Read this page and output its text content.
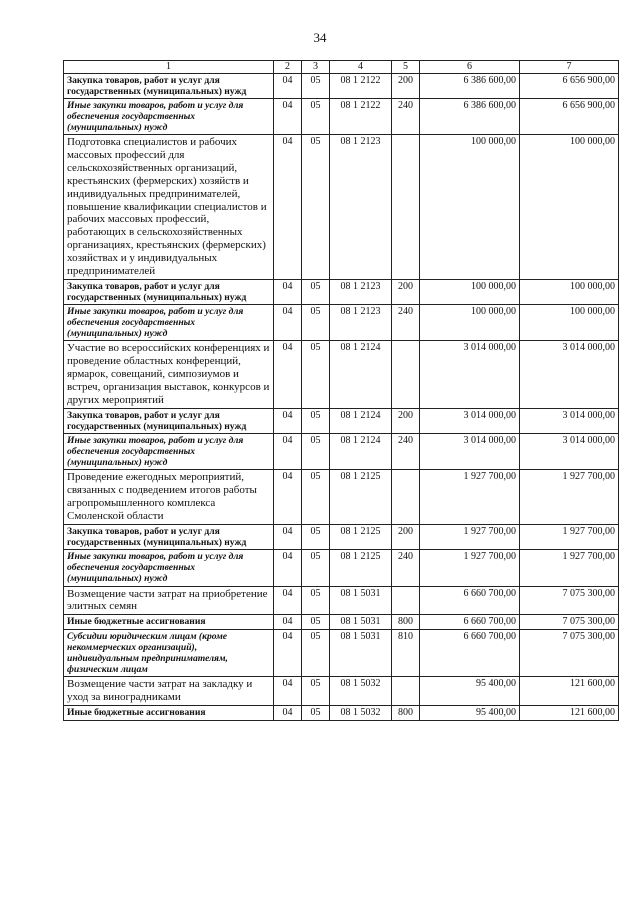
34
1	2	3	4	5	6	7
Закупка товаров, работ и услуг для государственных (муниципальных) нужд	04	05	08 1 2122	200	6 386 600,00	6 656 900,00
Иные закупки товаров, работ и услуг для обеспечения государственных (муниципальных) нужд	04	05	08 1 2122	240	6 386 600,00	6 656 900,00
Подготовка специалистов и рабочих массовых профессий для сельскохозяйственных организаций, крестьянских (фермерских) хозяйств и индивидуальных предпринимателей, повышение квалификации специалистов и рабочих массовых профессий, работающих в сельскохозяйственных организациях, крестьянских (фермерских) хозяйствах и у индивидуальных предпринимателей	04	05	08 1 2123		100 000,00	100 000,00
Закупка товаров, работ и услуг для государственных (муниципальных) нужд	04	05	08 1 2123	200	100 000,00	100 000,00
Иные закупки товаров, работ и услуг для обеспечения государственных (муниципальных) нужд	04	05	08 1 2123	240	100 000,00	100 000,00
Участие во всероссийских конференциях и проведение областных конференций, ярмарок, совещаний, симпозиумов и встреч, организация выставок, конкурсов и других мероприятий	04	05	08 1 2124		3 014 000,00	3 014 000,00
Закупка товаров, работ и услуг для государственных (муниципальных) нужд	04	05	08 1 2124	200	3 014 000,00	3 014 000,00
Иные закупки товаров, работ и услуг для обеспечения государственных (муниципальных) нужд	04	05	08 1 2124	240	3 014 000,00	3 014 000,00
Проведение ежегодных мероприятий, связанных с подведением итогов работы агропромышленного комплекса Смоленской области	04	05	08 1 2125		1 927 700,00	1 927 700,00
Закупка товаров, работ и услуг для государственных (муниципальных) нужд	04	05	08 1 2125	200	1 927 700,00	1 927 700,00
Иные закупки товаров, работ и услуг для обеспечения государственных (муниципальных) нужд	04	05	08 1 2125	240	1 927 700,00	1 927 700,00
Возмещение части затрат на приобретение элитных семян	04	05	08 1 5031		6 660 700,00	7 075 300,00
Иные бюджетные ассигнования	04	05	08 1 5031	800	6 660 700,00	7 075 300,00
Субсидии юридическим лицам (кроме некоммерческих организаций), индивидуальным предпринимателям, физическим лицам	04	05	08 1 5031	810	6 660 700,00	7 075 300,00
Возмещение части затрат на закладку и уход за виноградниками	04	05	08 1 5032		95 400,00	121 600,00
Иные бюджетные ассигнования	04	05	08 1 5032	800	95 400,00	121 600,00
